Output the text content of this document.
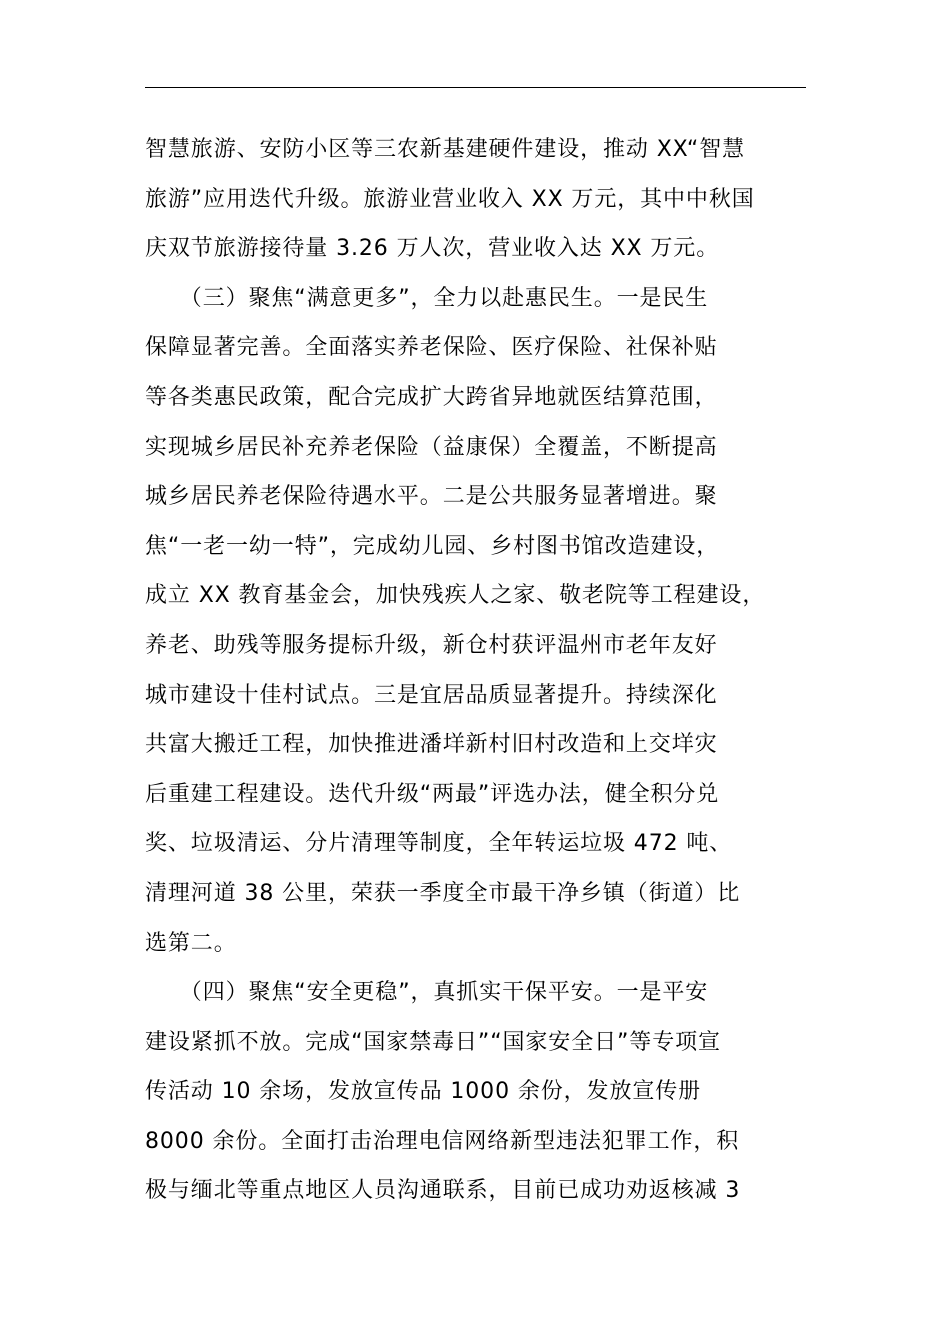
智慧旅游、安防小区等三农新基建硬件建设，推动 XX“智慧
旅游”应用迭代升级。旅游业营业收入 XX 万元，其中中秋国
庆双节旅游接待量 3.26 万人次，营业收入达 XX 万元。
　　（三）聚焦“满意更多”，全力以赴惠民生。一是民生
保障显著完善。全面落实养老保险、医疗保险、社保补贴
等各类惠民政策，配合完成扩大跨省异地就医结算范围，
实现城乡居民补充养老保险（益康保）全覆盖，不断提高
城乡居民养老保险待遇水平。二是公共服务显著增进。聚
焦“一老一幼一特”，完成幼儿园、乡村图书馆改造建设，
成立 XX 教育基金会，加快残疾人之家、敬老院等工程建设，
养老、助残等服务提标升级，新仓村获评温州市老年友好
城市建设十佳村试点。三是宜居品质显著提升。持续深化
共富大搬迁工程，加快推进潘垟新村旧村改造和上交垟灾
后重建工程建设。迭代升级“两最”评选办法，健全积分兑
奖、垃圾清运、分片清理等制度，全年转运垃圾 472 吨、
清理河道 38 公里，荣获一季度全市最干净乡镇（街道）比
选第二。
　　（四）聚焦“安全更稳”，真抓实干保平安。一是平安
建设紧抓不放。完成“国家禁毒日”“国家安全日”等专项宣
传活动 10 余场，发放宣传品 1000 余份，发放宣传册
8000 余份。全面打击治理电信网络新型违法犯罪工作，积
极与缅北等重点地区人员沟通联系，目前已成功劝返核减 3
